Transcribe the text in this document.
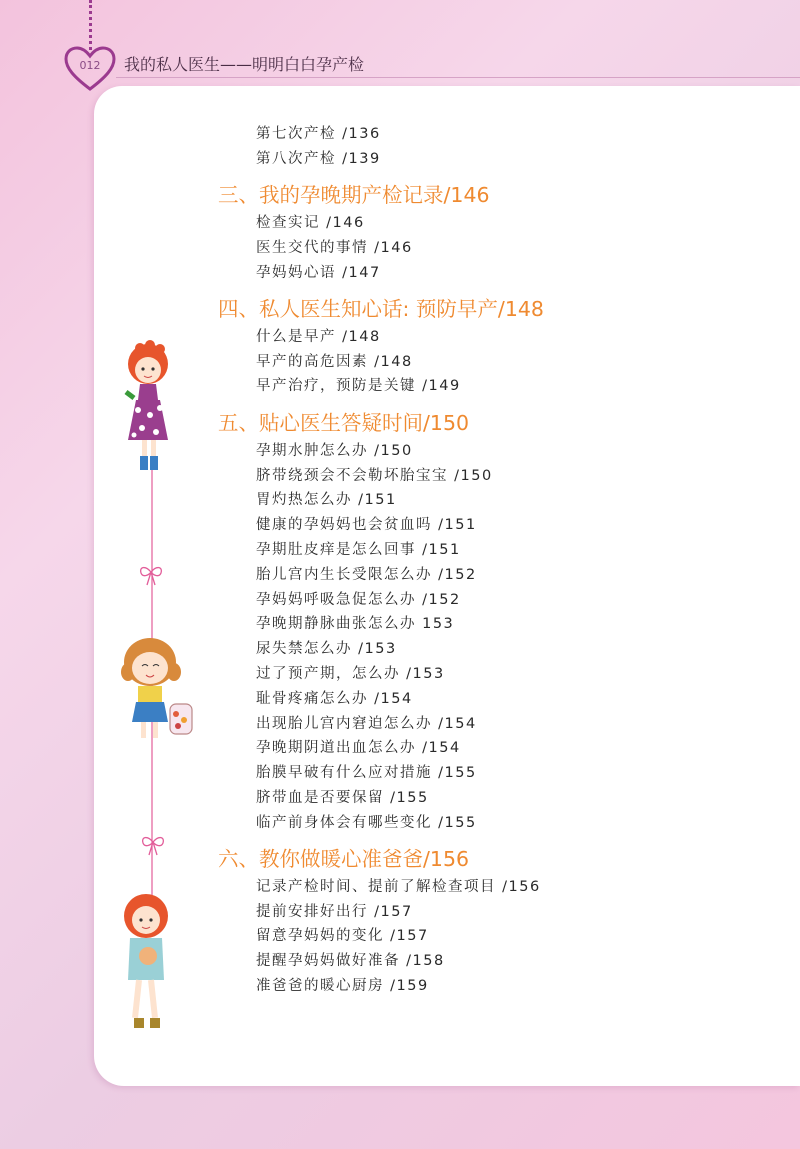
012 我的私人医生——明明白白孕产检
第七次产检 /136
第八次产检 /139
三、我的孕晚期产检记录/146
检查实记 /146
医生交代的事情 /146
孕妈妈心语 /147
四、私人医生知心话: 预防早产/148
什么是早产 /148
早产的高危因素 /148
早产治疗，预防是关键 /149
五、贴心医生答疑时间/150
孕期水肿怎么办 /150
脐带绕颈会不会勒坏胎宝宝 /150
胃灼热怎么办 /151
健康的孕妈妈也会贫血吗 /151
孕期肚皮痒是怎么回事 /151
胎儿宫内生长受限怎么办 /152
孕妈妈呼吸急促怎么办 /152
孕晚期静脉曲张怎么办 153
尿失禁怎么办 /153
过了预产期，怎么办 /153
耻骨疼痛怎么办 /154
出现胎儿宫内窘迫怎么办 /154
孕晚期阴道出血怎么办 /154
胎膜早破有什么应对措施 /155
脐带血是否要保留 /155
临产前身体会有哪些变化 /155
六、教你做暖心准爸爸/156
记录产检时间、提前了解检查项目 /156
提前安排好出行 /157
留意孕妈妈的变化 /157
提醒孕妈妈做好准备 /158
准爸爸的暖心厨房 /159
